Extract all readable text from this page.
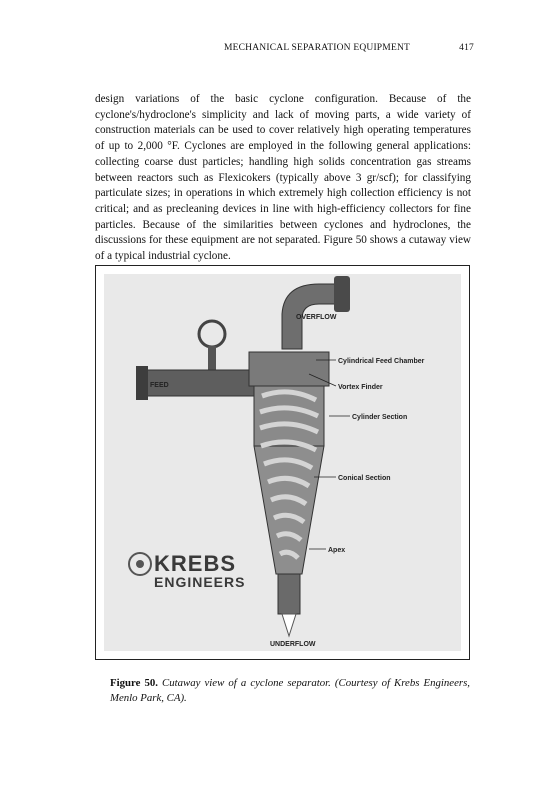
MECHANICAL SEPARATION EQUIPMENT	417

design variations of the basic cyclone configuration. Because of the cyclone's/hydroclone's simplicity and lack of moving parts, a wide variety of construction materials can be used to cover relatively high operating temperatures of up to 2,000 °F. Cyclones are employed in the following general applications: collecting coarse dust particles; handling high solids concentration gas streams between reactors such as Flexicokers (typically above 3 gr/scf); for classifying particulate sizes; in operations in which extremely high collection efficiency is not critical; and as precleaning devices in line with high-efficiency collectors for fine particles. Because of the similarities between cyclones and hydroclones, the discussions for these equipment are not separated. Figure 50 shows a cutaway view of a typical industrial cyclone.

OVERFLOW
FEED
Cylindrical Feed Chamber
Vortex Finder
Cylinder Section
Conical Section
Apex
UNDERFLOW
KREBS
ENGINEERS

Figure 50. Cutaway view of a cyclone separator. (Courtesy of Krebs Engineers, Menlo Park, CA).
